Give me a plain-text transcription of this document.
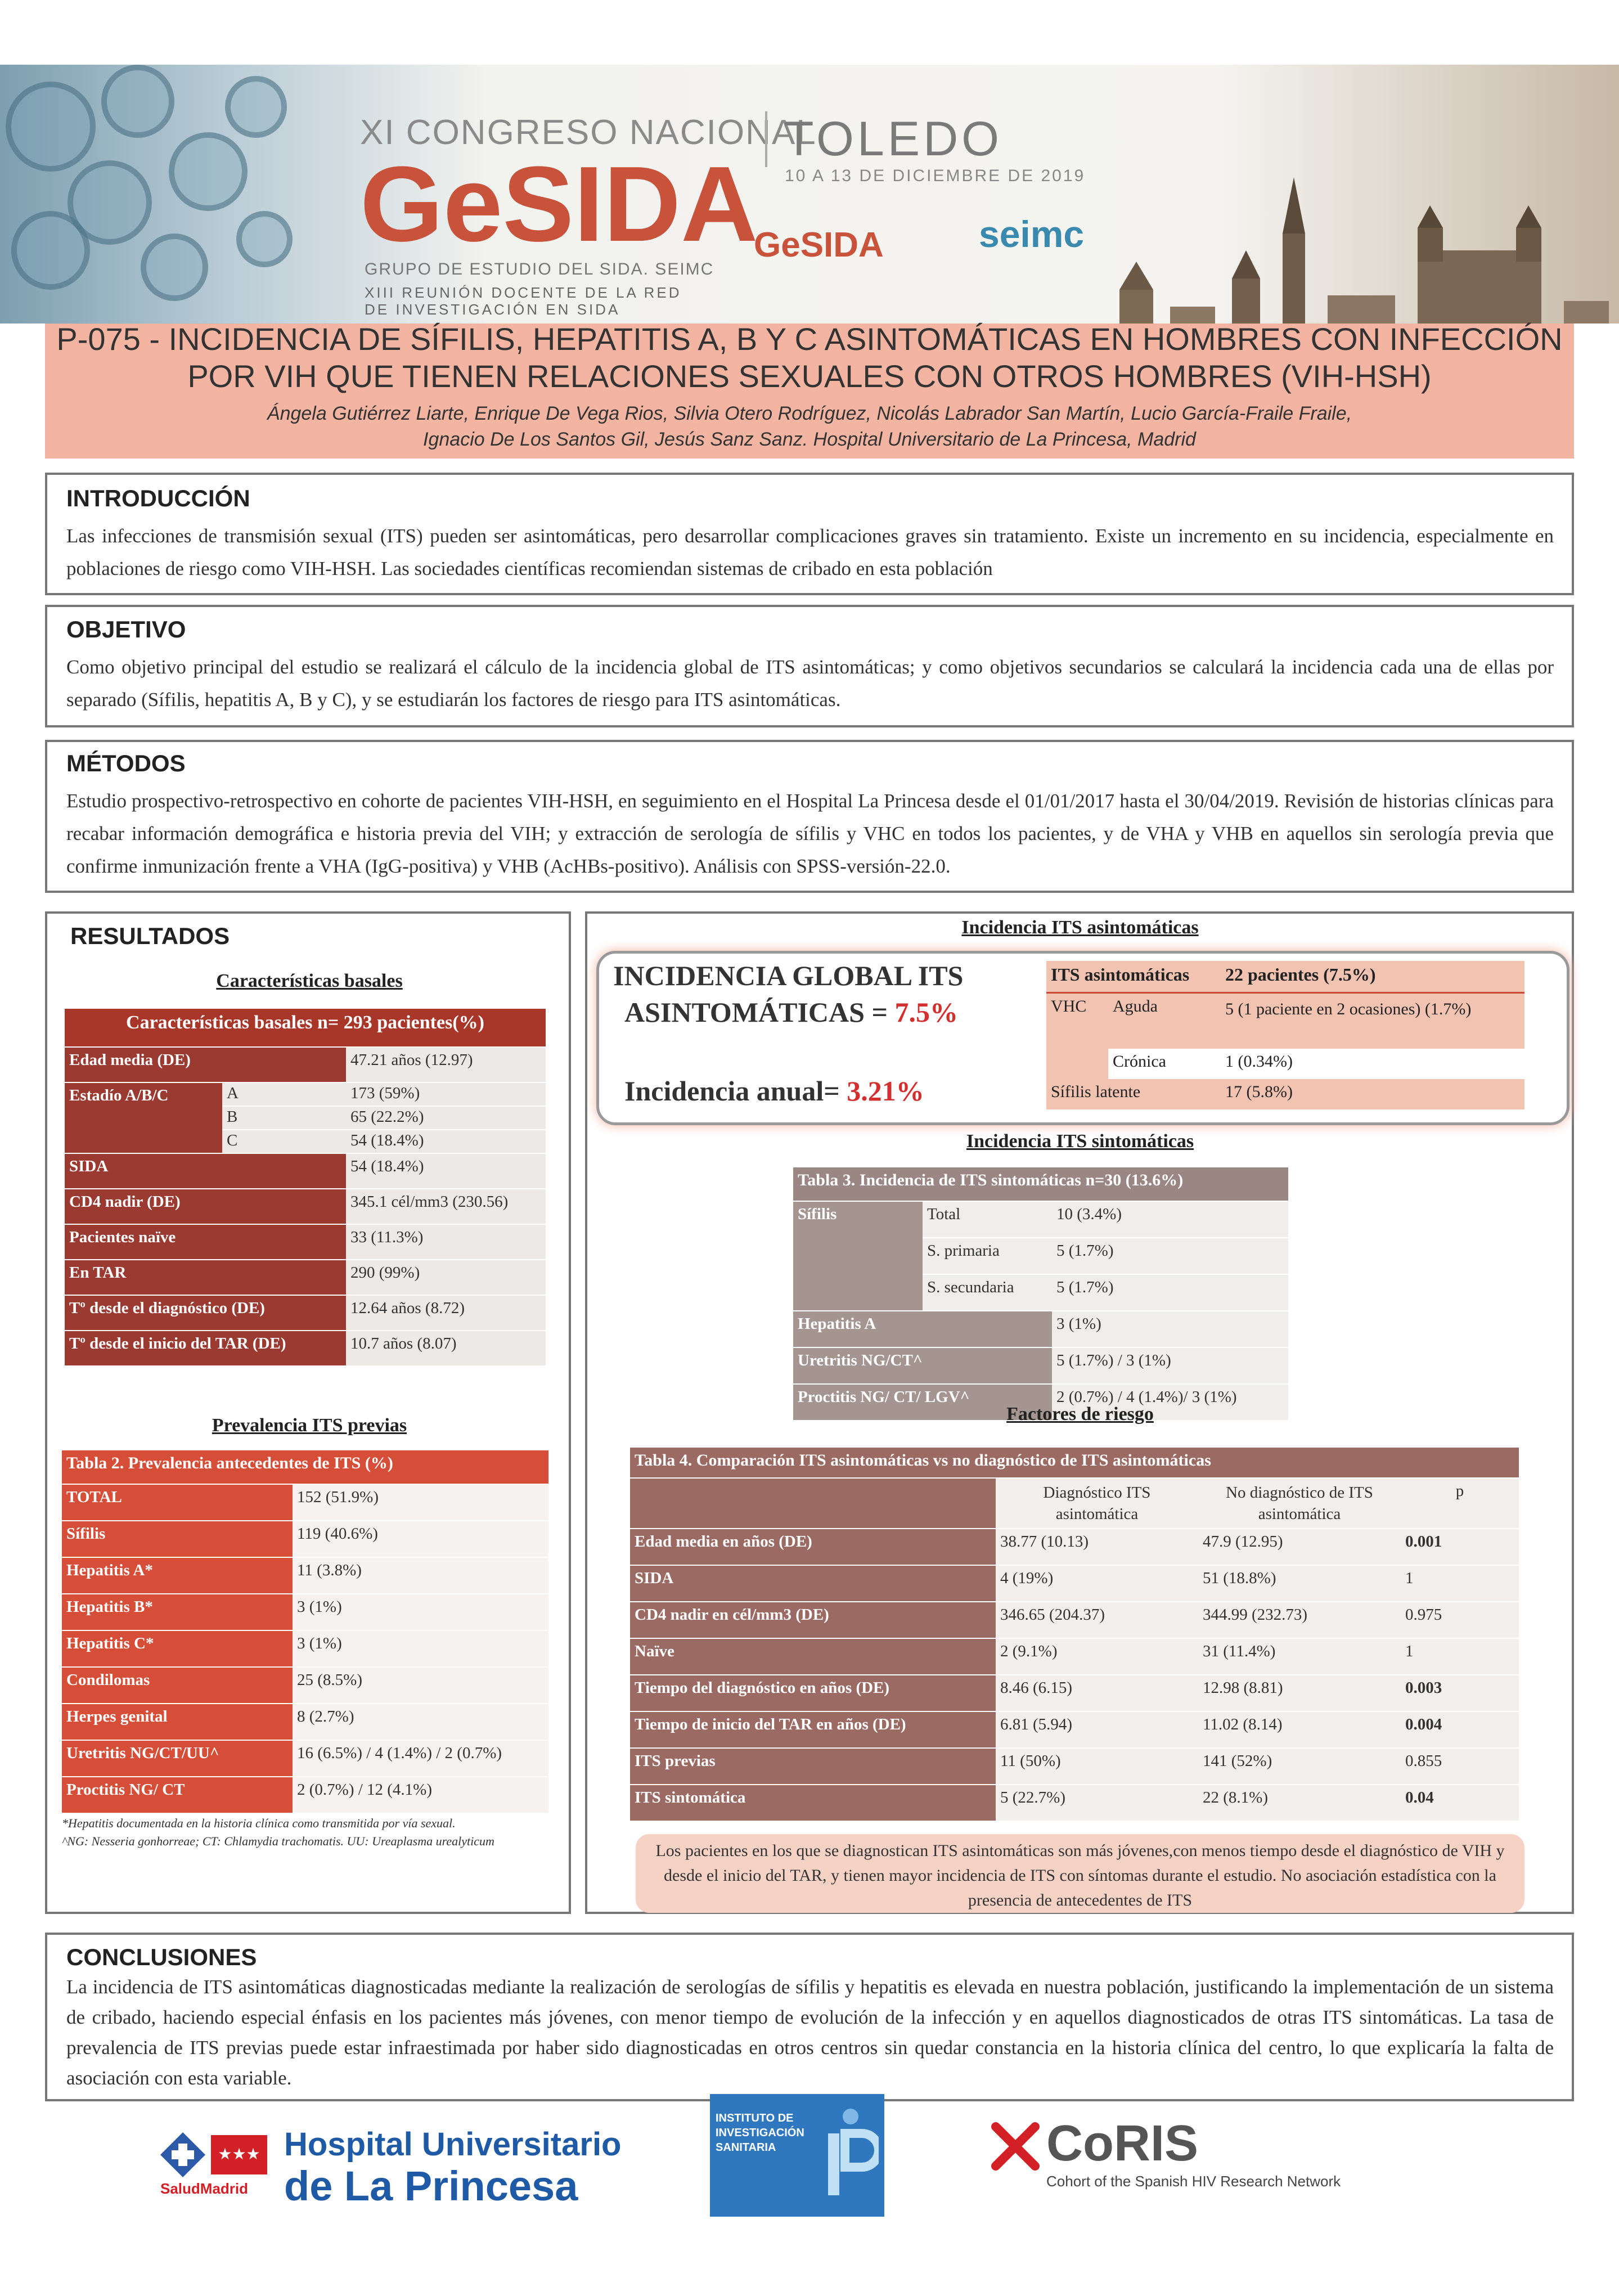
XI CONGRESO NACIONAL
GeSIDA
GRUPO DE ESTUDIO DEL SIDA. SEIMC
XIII REUNIÓN DOCENTE DE LA RED
DE INVESTIGACIÓN EN SIDA
TOLEDO
10 A 13 DE DICIEMBRE DE 2019
GeSIDA	seimc
P-075 - INCIDENCIA DE SÍFILIS, HEPATITIS A, B Y C ASINTOMÁTICAS EN HOMBRES CON INFECCIÓN
POR VIH QUE TIENEN RELACIONES SEXUALES CON OTROS HOMBRES (VIH-HSH)
Ángela Gutiérrez Liarte, Enrique De Vega Rios, Silvia Otero Rodríguez, Nicolás Labrador San Martín, Lucio García-Fraile Fraile,
Ignacio De Los Santos Gil, Jesús Sanz Sanz. Hospital Universitario de La Princesa, Madrid
INTRODUCCIÓN
Las infecciones de transmisión sexual (ITS) pueden ser asintomáticas, pero desarrollar complicaciones graves sin tratamiento. Existe un incremento en su incidencia, especialmente en poblaciones de riesgo como VIH-HSH. Las sociedades científicas recomiendan sistemas de cribado en esta población
OBJETIVO
Como objetivo principal del estudio se realizará el cálculo de la incidencia global de ITS asintomáticas; y como objetivos secundarios se calculará la incidencia cada una de ellas por separado (Sífilis, hepatitis A, B y C), y se estudiarán los factores de riesgo para ITS asintomáticas.
MÉTODOS
Estudio prospectivo-retrospectivo en cohorte de pacientes VIH-HSH, en seguimiento en el Hospital La Princesa desde el 01/01/2017 hasta el 30/04/2019. Revisión de historias clínicas para recabar información demográfica e historia previa del VIH; y extracción de serología de sífilis y VHC en todos los pacientes, y de VHA y VHB en aquellos sin serología previa que confirme inmunización frente a VHA (IgG-positiva) y VHB (AcHBs-positivo). Análisis con SPSS-versión-22.0.
RESULTADOS
Características basales
Características basales n= 293 pacientes(%)		
Edad media (DE)		47.21 años (12.97)
Estadío A/B/C	A	173 (59%)
	B	65 (22.2%)
	C	54 (18.4%)
SIDA		54 (18.4%)
CD4 nadir (DE)		345.1 cél/mm3 (230.56)
Pacientes naïve		33 (11.3%)
En TAR		290 (99%)
Tº desde el diagnóstico (DE)		12.64 años (8.72)
Tº desde el inicio del TAR (DE)		10.7 años (8.07)
Prevalencia ITS previas
Tabla 2. Prevalencia antecedentes de ITS (%)	
TOTAL	152 (51.9%)
Sífilis	119 (40.6%)
Hepatitis A*	11 (3.8%)
Hepatitis B*	3 (1%)
Hepatitis C*	3 (1%)
Condilomas	25 (8.5%)
Herpes genital	8 (2.7%)
Uretritis NG/CT/UU^	16 (6.5%) / 4 (1.4%) / 2 (0.7%)
Proctitis NG/ CT	2 (0.7%) / 12 (4.1%)
*Hepatitis documentada en la historia clínica como transmitida por vía sexual.
^NG: Nesseria gonhorreae; CT: Chlamydia trachomatis. UU: Ureaplasma urealyticum
Incidencia ITS asintomáticas
INCIDENCIA GLOBAL ITS
ASINTOMÁTICAS = 7.5%
Incidencia anual= 3.21%
ITS asintomáticas		22 pacientes (7.5%)
VHC	Aguda	5 (1 paciente en 2 ocasiones) (1.7%)
	Crónica	1 (0.34%)
Sífilis latente		17 (5.8%)
Incidencia ITS sintomáticas
Tabla 3. Incidencia de ITS sintomáticas n=30 (13.6%)		
Sífilis	Total	10 (3.4%)
	S. primaria	5 (1.7%)
	S. secundaria	5 (1.7%)
Hepatitis A		3 (1%)
Uretritis NG/CT^		5 (1.7%) / 3 (1%)
Proctitis NG/ CT/ LGV^		2 (0.7%) / 4 (1.4%)/ 3 (1%)
Factores de riesgo
Tabla 4. Comparación ITS asintomáticas vs no diagnóstico de ITS asintomáticas			
	Diagnóstico ITS asintomática	No diagnóstico de ITS asintomática	p
Edad media en años (DE)	38.77 (10.13)	47.9 (12.95)	0.001
SIDA	4 (19%)	51 (18.8%)	1
CD4 nadir en cél/mm3 (DE)	346.65 (204.37)	344.99 (232.73)	0.975
Naïve	2 (9.1%)	31 (11.4%)	1
Tiempo del diagnóstico en años (DE)	8.46 (6.15)	12.98 (8.81)	0.003
Tiempo de inicio del TAR en años (DE)	6.81 (5.94)	11.02 (8.14)	0.004
ITS previas	11 (50%)	141 (52%)	0.855
ITS sintomática	5 (22.7%)	22 (8.1%)	0.04
Los pacientes en los que se diagnostican ITS asintomáticas son más jóvenes,con menos tiempo desde el diagnóstico de VIH y desde el inicio del TAR, y tienen mayor incidencia de ITS con síntomas durante el estudio. No asociación estadística con la presencia de antecedentes de ITS
CONCLUSIONES
La incidencia de ITS asintomáticas diagnosticadas mediante la realización de serologías de sífilis y hepatitis es elevada en nuestra población, justificando la implementación de un sistema de cribado, haciendo especial énfasis en los pacientes más jóvenes, con menor tiempo de evolución de la infección y en aquellos diagnosticados de otras ITS sintomáticas. La tasa de prevalencia de ITS previas puede estar infraestimada por haber sido diagnosticadas en otros centros sin quedar constancia en la historia clínica del centro, lo que explicaría la falta de asociación con esta variable.
★★★
SaludMadrid
Hospital Universitario
de La Princesa
INSTITUTO DE
INVESTIGACIÓN
SANITARIA	CoRIS
Cohort of the Spanish HIV Research Network
